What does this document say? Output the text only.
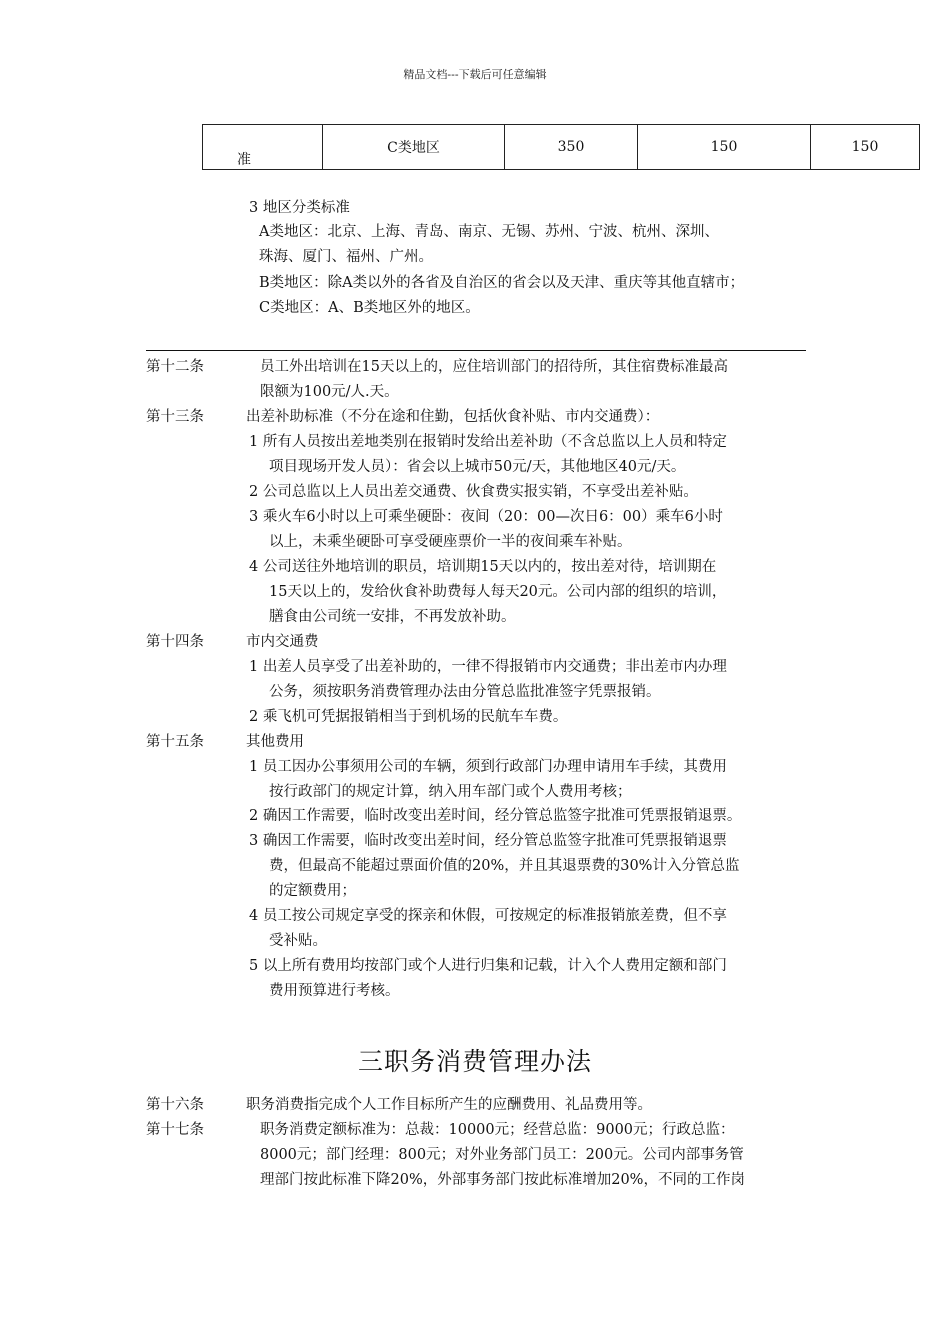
精品文档---下载后可任意编辑
准	C类地区	350	150	150
3 地区分类标准
A类地区：北京、上海、青岛、南京、无锡、苏州、宁波、杭州、深圳、
珠海、厦门、福州、广州。
B类地区：除A类以外的各省及自治区的省会以及天津、重庆等其他直辖市；
C类地区：A、B类地区外的地区。
第十二条	员工外出培训在15天以上的，应住培训部门的招待所，其住宿费标准最高
限额为100元/人.天。
第十三条	出差补助标准（不分在途和住勤，包括伙食补贴、市内交通费）：
1 所有人员按出差地类别在报销时发给出差补助（不含总监以上人员和特定
项目现场开发人员）：省会以上城市50元/天，其他地区40元/天。
2 公司总监以上人员出差交通费、伙食费实报实销，不享受出差补贴。
3 乘火车6小时以上可乘坐硬卧：夜间（20：00—次日6：00）乘车6小时
以上，未乘坐硬卧可享受硬座票价一半的夜间乘车补贴。
4 公司送往外地培训的职员，培训期15天以内的，按出差对待，培训期在
15天以上的，发给伙食补助费每人每天20元。公司内部的组织的培训，
膳食由公司统一安排，不再发放补助。
第十四条	市内交通费
1 出差人员享受了出差补助的，一律不得报销市内交通费；非出差市内办理
公务，须按职务消费管理办法由分管总监批准签字凭票报销。
2 乘飞机可凭据报销相当于到机场的民航车车费。
第十五条	其他费用
1 员工因办公事须用公司的车辆，须到行政部门办理申请用车手续，其费用
按行政部门的规定计算，纳入用车部门或个人费用考核；
2 确因工作需要，临时改变出差时间，经分管总监签字批准可凭票报销退票。
3 确因工作需要，临时改变出差时间，经分管总监签字批准可凭票报销退票
费，但最高不能超过票面价值的20%，并且其退票费的30%计入分管总监
的定额费用；
4 员工按公司规定享受的探亲和休假，可按规定的标准报销旅差费，但不享
受补贴。
5 以上所有费用均按部门或个人进行归集和记载，计入个人费用定额和部门
费用预算进行考核。
三职务消费管理办法
第十六条	职务消费指完成个人工作目标所产生的应酬费用、礼品费用等。
第十七条	职务消费定额标准为：总裁：10000元；经营总监：9000元；行政总监：
8000元；部门经理：800元；对外业务部门员工：200元。公司内部事务管
理部门按此标准下降20%，外部事务部门按此标准增加20%，不同的工作岗
